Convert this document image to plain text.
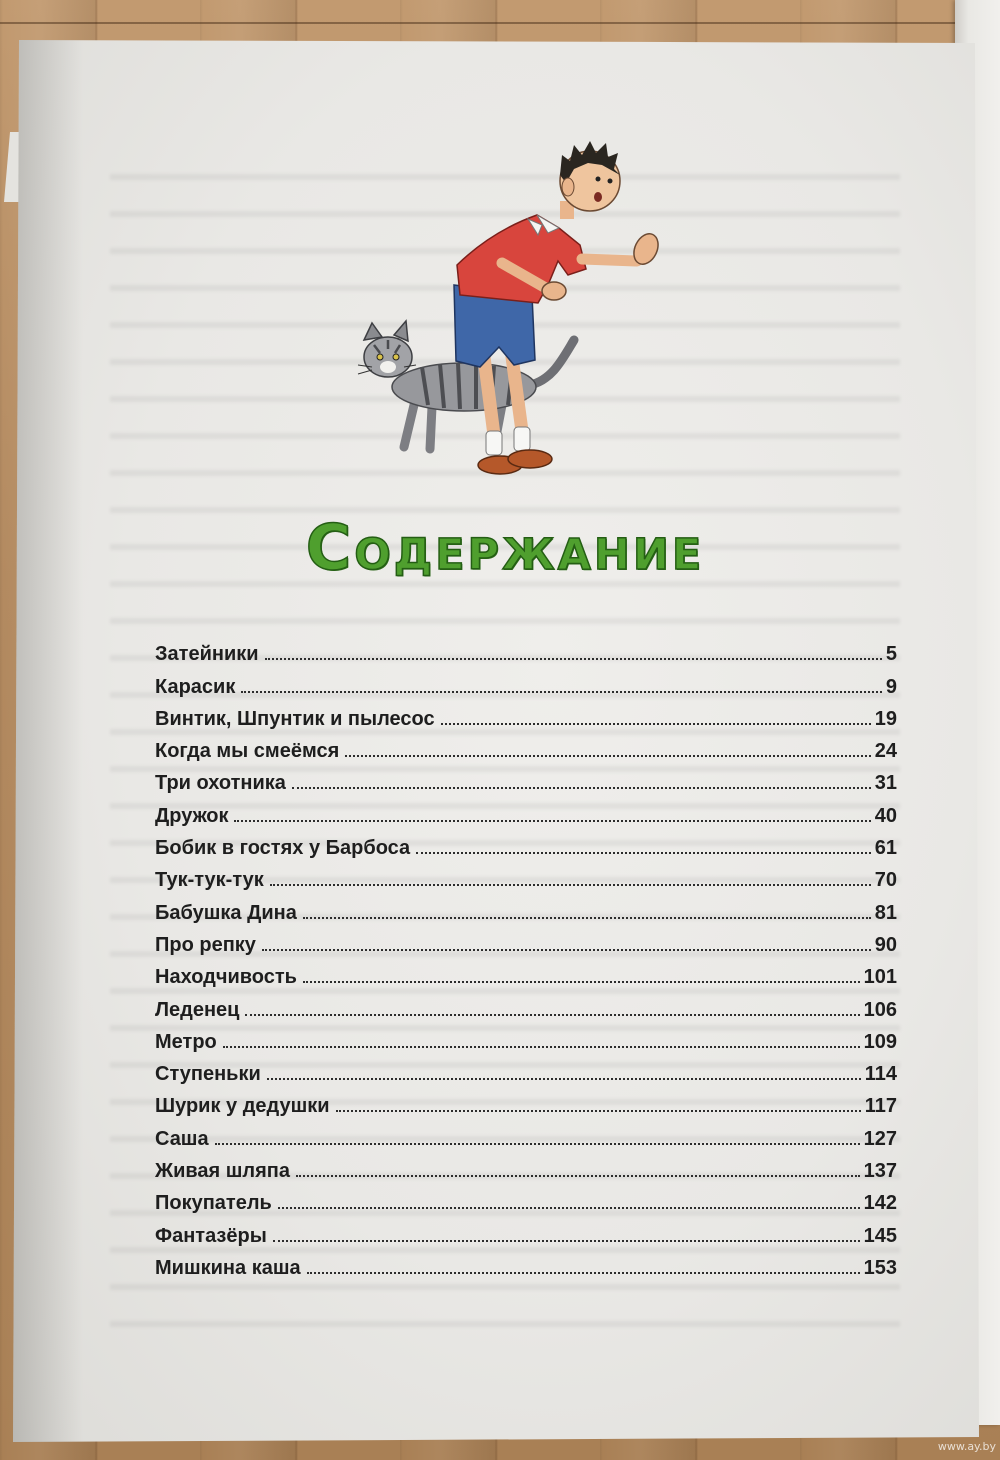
Содержание
Затейники	5
Карасик	9
Винтик, Шпунтик и пылесос	19
Когда мы смеёмся	24
Три охотника	31
Дружок	40
Бобик в гостях у Барбоса	61
Тук-тук-тук	70
Бабушка Дина	81
Про репку	90
Находчивость	101
Леденец	106
Метро	109
Ступеньки	114
Шурик у дедушки	117
Саша	127
Живая шляпа	137
Покупатель	142
Фантазёры	145
Мишкина каша	153
www.ay.by
